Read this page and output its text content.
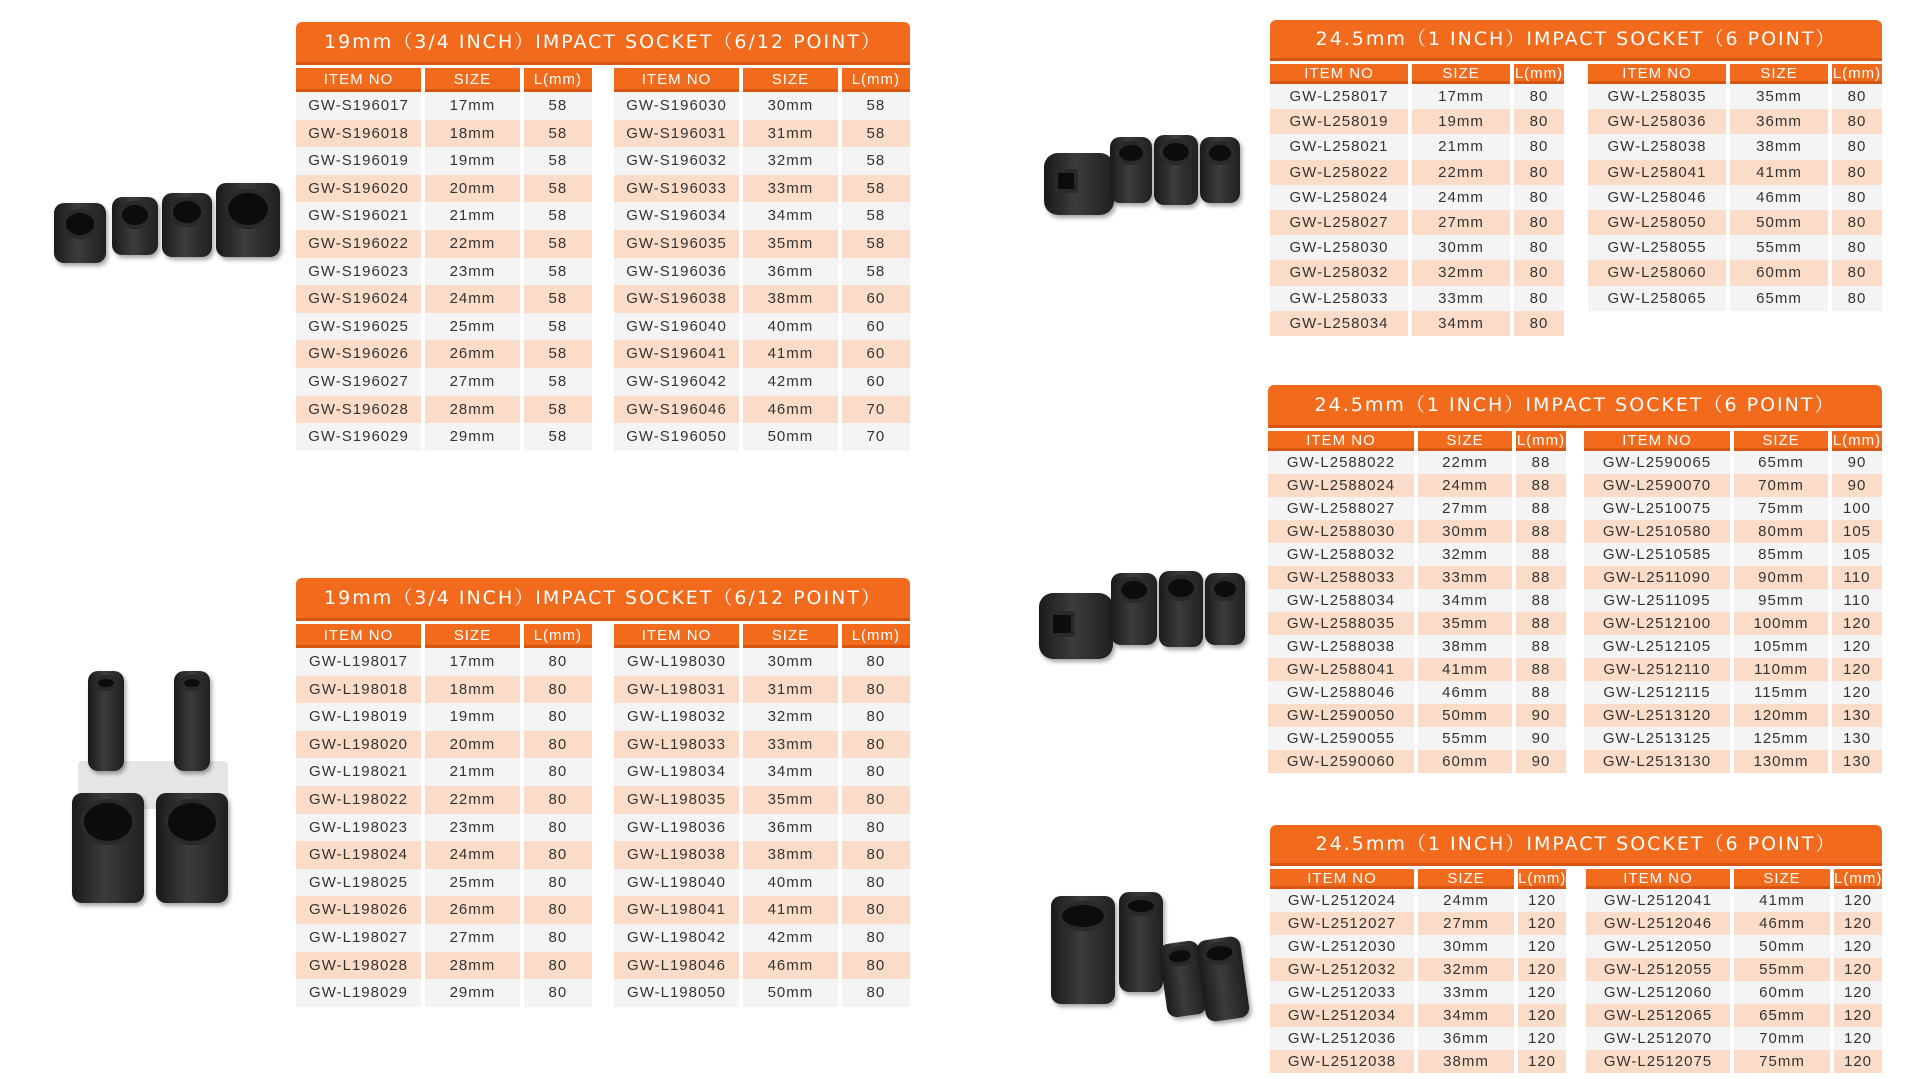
19mm（3/4 INCH）IMPACT SOCKET（6/12 POINT）
ITEM NO	SIZE	L(mm)
GW-S196017	17mm	58
GW-S196018	18mm	58
GW-S196019	19mm	58
GW-S196020	20mm	58
GW-S196021	21mm	58
GW-S196022	22mm	58
GW-S196023	23mm	58
GW-S196024	24mm	58
GW-S196025	25mm	58
GW-S196026	26mm	58
GW-S196027	27mm	58
GW-S196028	28mm	58
GW-S196029	29mm	58
ITEM NO	SIZE	L(mm)
GW-S196030	30mm	58
GW-S196031	31mm	58
GW-S196032	32mm	58
GW-S196033	33mm	58
GW-S196034	34mm	58
GW-S196035	35mm	58
GW-S196036	36mm	58
GW-S196038	38mm	60
GW-S196040	40mm	60
GW-S196041	41mm	60
GW-S196042	42mm	60
GW-S196046	46mm	70
GW-S196050	50mm	70
19mm（3/4 INCH）IMPACT SOCKET（6/12 POINT）
ITEM NO	SIZE	L(mm)
GW-L198017	17mm	80
GW-L198018	18mm	80
GW-L198019	19mm	80
GW-L198020	20mm	80
GW-L198021	21mm	80
GW-L198022	22mm	80
GW-L198023	23mm	80
GW-L198024	24mm	80
GW-L198025	25mm	80
GW-L198026	26mm	80
GW-L198027	27mm	80
GW-L198028	28mm	80
GW-L198029	29mm	80
ITEM NO	SIZE	L(mm)
GW-L198030	30mm	80
GW-L198031	31mm	80
GW-L198032	32mm	80
GW-L198033	33mm	80
GW-L198034	34mm	80
GW-L198035	35mm	80
GW-L198036	36mm	80
GW-L198038	38mm	80
GW-L198040	40mm	80
GW-L198041	41mm	80
GW-L198042	42mm	80
GW-L198046	46mm	80
GW-L198050	50mm	80
24.5mm（1 INCH）IMPACT SOCKET（6 POINT）
ITEM NO	SIZE	L(mm)
GW-L258017	17mm	80
GW-L258019	19mm	80
GW-L258021	21mm	80
GW-L258022	22mm	80
GW-L258024	24mm	80
GW-L258027	27mm	80
GW-L258030	30mm	80
GW-L258032	32mm	80
GW-L258033	33mm	80
GW-L258034	34mm	80
ITEM NO	SIZE	L(mm)
GW-L258035	35mm	80
GW-L258036	36mm	80
GW-L258038	38mm	80
GW-L258041	41mm	80
GW-L258046	46mm	80
GW-L258050	50mm	80
GW-L258055	55mm	80
GW-L258060	60mm	80
GW-L258065	65mm	80
24.5mm（1 INCH）IMPACT SOCKET（6 POINT）
ITEM NO	SIZE	L(mm)
GW-L2588022	22mm	88
GW-L2588024	24mm	88
GW-L2588027	27mm	88
GW-L2588030	30mm	88
GW-L2588032	32mm	88
GW-L2588033	33mm	88
GW-L2588034	34mm	88
GW-L2588035	35mm	88
GW-L2588038	38mm	88
GW-L2588041	41mm	88
GW-L2588046	46mm	88
GW-L2590050	50mm	90
GW-L2590055	55mm	90
GW-L2590060	60mm	90
ITEM NO	SIZE	L(mm)
GW-L2590065	65mm	90
GW-L2590070	70mm	90
GW-L2510075	75mm	100
GW-L2510580	80mm	105
GW-L2510585	85mm	105
GW-L2511090	90mm	110
GW-L2511095	95mm	110
GW-L2512100	100mm	120
GW-L2512105	105mm	120
GW-L2512110	110mm	120
GW-L2512115	115mm	120
GW-L2513120	120mm	130
GW-L2513125	125mm	130
GW-L2513130	130mm	130
24.5mm（1 INCH）IMPACT SOCKET（6 POINT）
ITEM NO	SIZE	L(mm)
GW-L2512024	24mm	120
GW-L2512027	27mm	120
GW-L2512030	30mm	120
GW-L2512032	32mm	120
GW-L2512033	33mm	120
GW-L2512034	34mm	120
GW-L2512036	36mm	120
GW-L2512038	38mm	120
ITEM NO	SIZE	L(mm)
GW-L2512041	41mm	120
GW-L2512046	46mm	120
GW-L2512050	50mm	120
GW-L2512055	55mm	120
GW-L2512060	60mm	120
GW-L2512065	65mm	120
GW-L2512070	70mm	120
GW-L2512075	75mm	120
